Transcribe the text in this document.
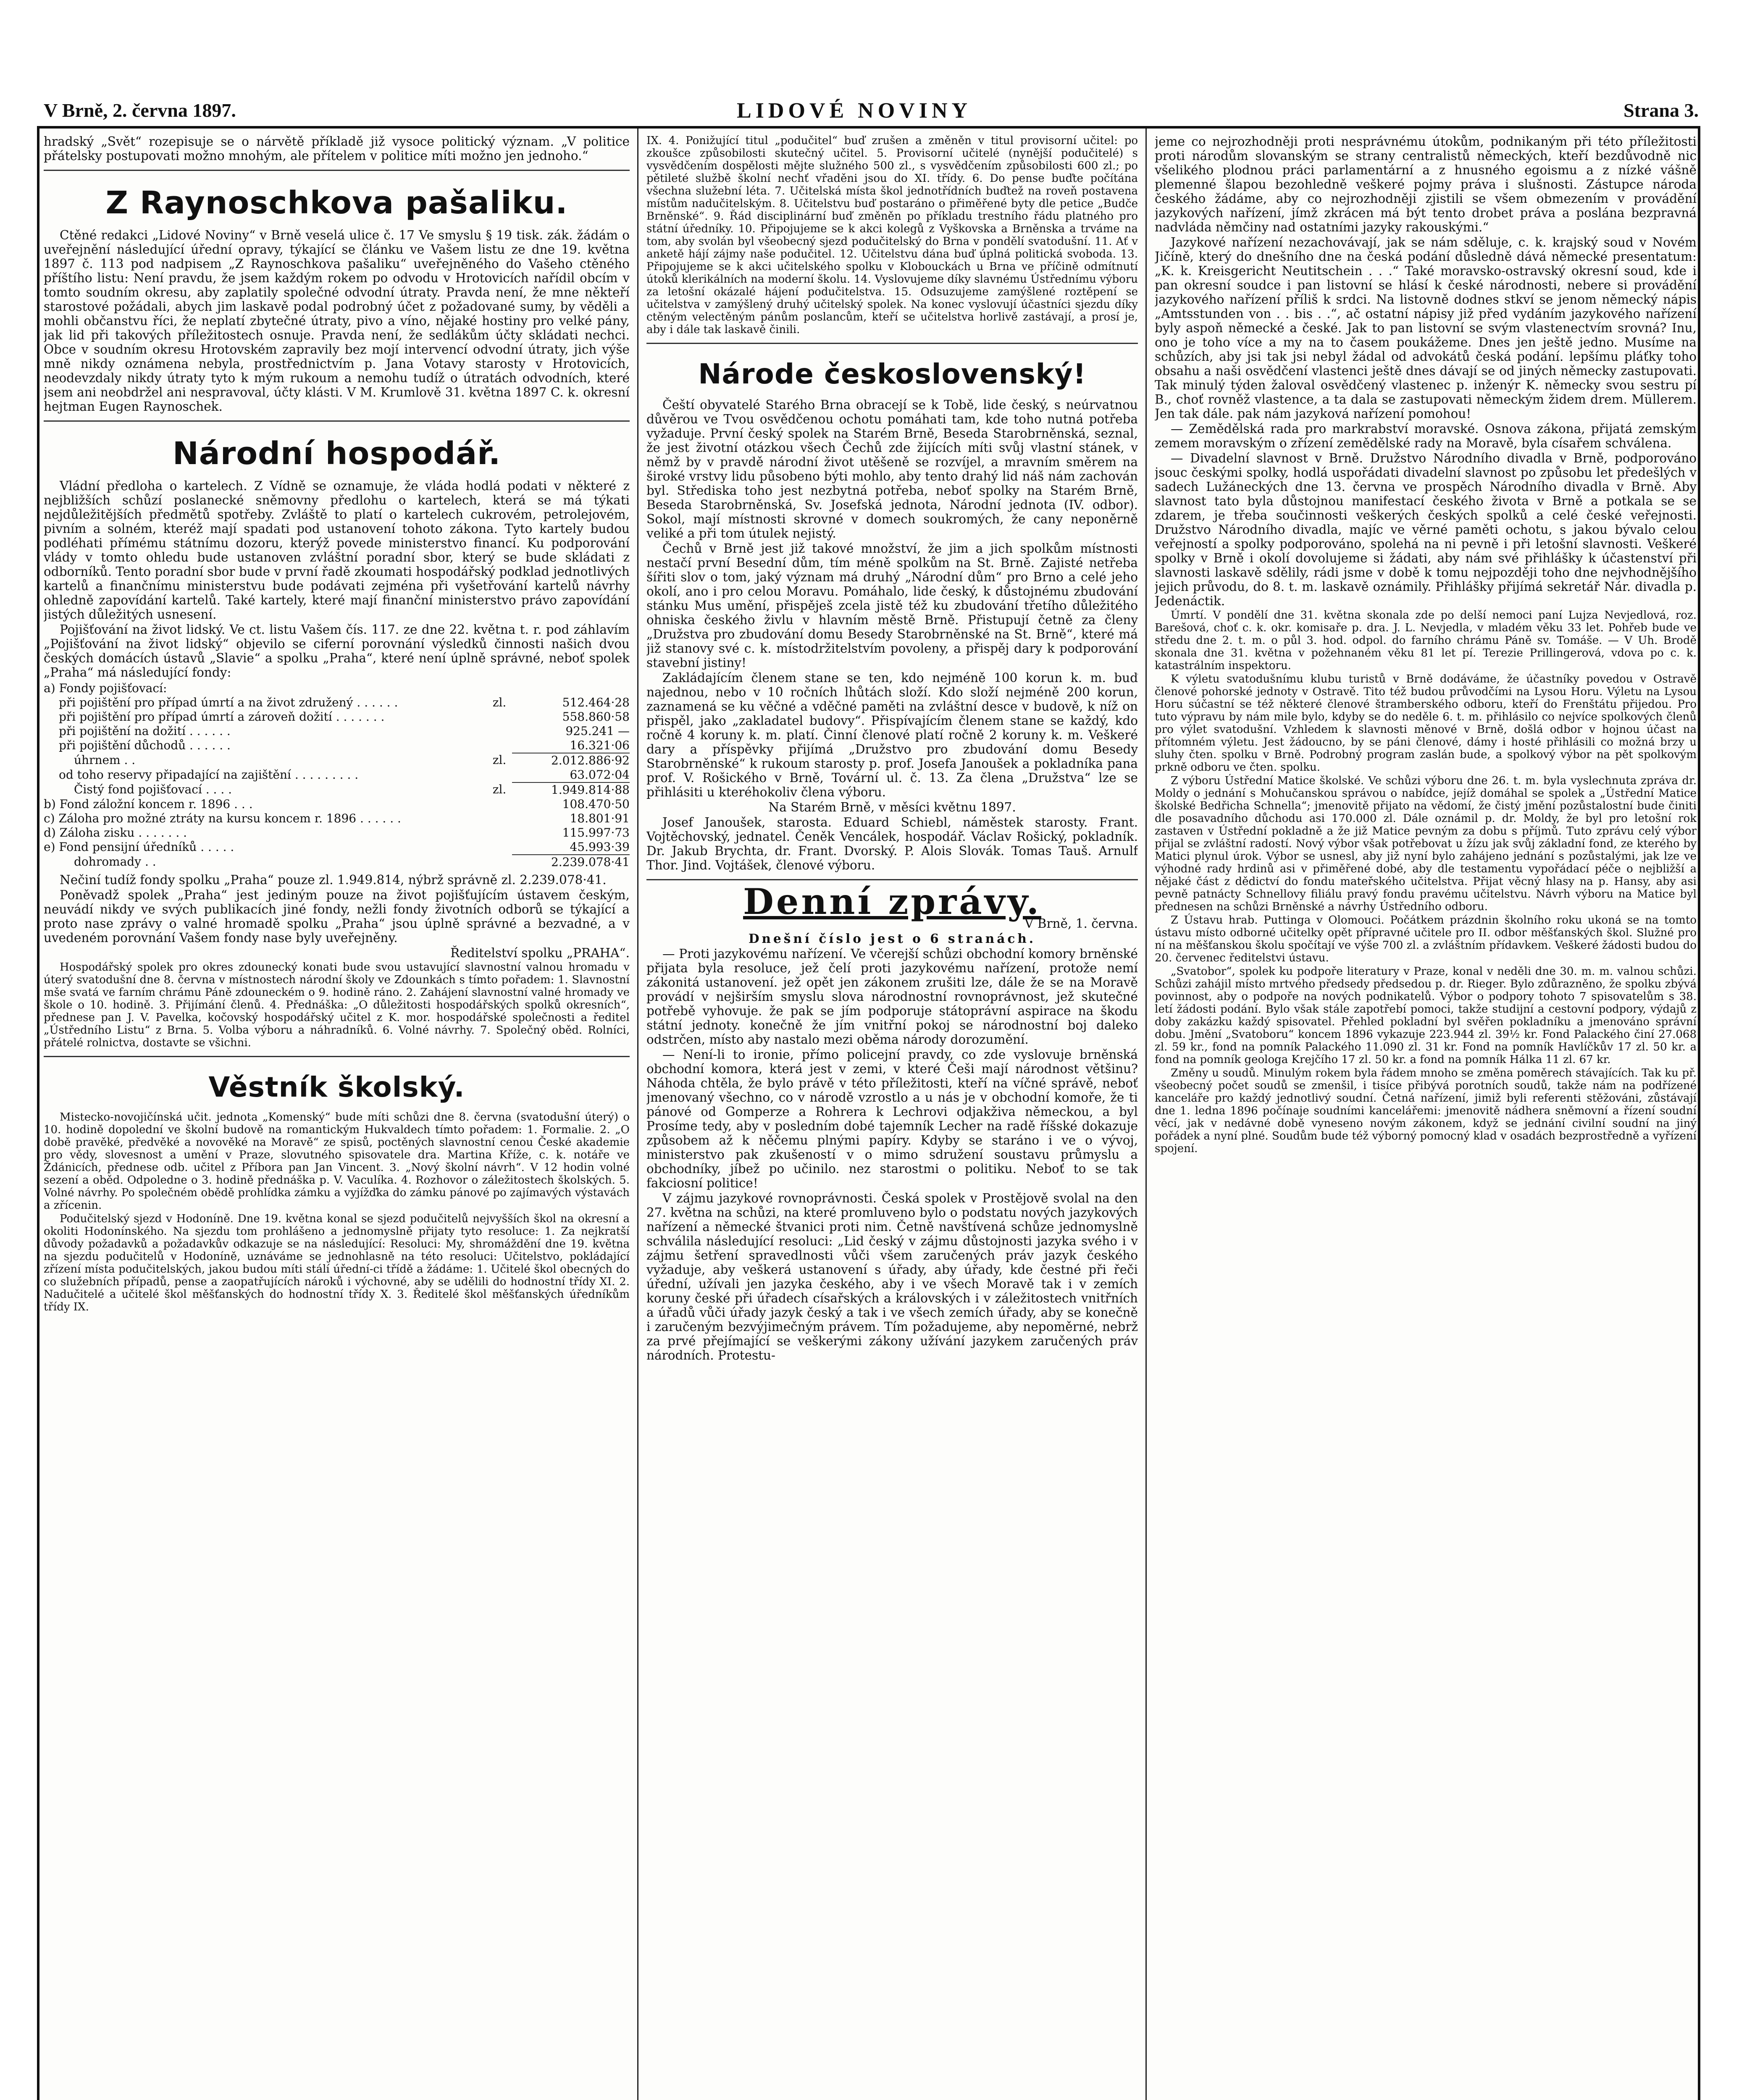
V Brně, 2. června 1897.	LIDOVÉ NOVINY	Strana 3.

hradský „Svět“ rozepisuje se o nárvětě příkladě již vysoce politický význam. „V politice přátelsky postupovati možno mnohým, ale přítelem v politice míti možno jen jednoho.“

Z Raynoschkova pašaliku.

Ctěné redakci „Lidové Noviny“ v Brně veselá ulice č. 17 Ve smyslu § 19 tisk. zák. žádám o uveřejnění následující úřední opravy, týkající se článku ve Vašem listu ze dne 19. května 1897 č. 113 pod nadpisem „Z Raynoschkova pašaliku“ uveřejněného do Vašeho ctěného příštího listu: Není pravdu, že jsem každým rokem po odvodu v Hrotovicích nařídil obcím v tomto soudním okresu, aby zaplatily společné odvodní útraty. Pravda není, že mne někteří starostové požádali, abych jim laskavě podal podrobný účet z požadované sumy, by věděli a mohli občanstvu říci, že neplatí zbytečné útraty, pivo a víno, nějaké hostiny pro velké pány, jak lid při takových příležitostech osnuje. Pravda není, že sedlákům účty skládati nechci. Obce v soudním okresu Hrotovském zapravily bez mojí intervencí odvodní útraty, jich výše mně nikdy oznámena nebyla, prostřednictvím p. Jana Votavy starosty v Hrotovicích, neodevzdaly nikdy útraty tyto k mým rukoum a nemohu tudíž o útratách odvodních, které jsem ani neobdržel ani nespravoval, účty klásti. V M. Krumlově 31. května 1897 C. k. okresní hejtman Eugen Raynoschek.

Národní hospodář.

Vládní předloha o kartelech. Z Vídně se oznamuje, že vláda hodlá podati v některé z nejbližších schůzí poslanecké sněmovny předlohu o kartelech, která se má týkati nejdůležitějších předmětů spotřeby. Zvláště to platí o kartelech cukrovém, petrolejovém, pivním a solném, kteréž mají spadati pod ustanovení tohoto zákona. Tyto kartely budou podléhati přímému státnímu dozoru, kterýž povede ministerstvo financí. Ku podporování vlády v tomto ohledu bude ustanoven zvláštní poradní sbor, který se bude skládati z odborníků. Tento poradní sbor bude v první řadě zkoumati hospodářský podklad jednotlivých kartelů a finančnímu ministerstvu bude podávati zejména při vyšetřování kartelů návrhy ohledně zapovídání kartelů. Také kartely, které mají finanční ministerstvo právo zapovídání jistých důležitých usnesení.

Pojišťování na život lidský. Ve ct. listu Vašem čís. 117. ze dne 22. května t. r. pod záhlavím „Pojišťování na život lidský“ objevilo se ciferní porovnání výsledků činnosti našich dvou českých domácích ústavů „Slavie“ a spolku „Praha“, které není úplně správné, neboť spolek „Praha“ má následující fondy:

a) Fondy pojišťovací:		
při pojištění pro případ úmrtí a na život združený . . . . . .	zl.	512.464·28
při pojištění pro případ úmrtí a zároveň dožití . . . . . . .		558.860·58
při pojištění na dožití . . . . . .		925.241 —
při pojištění důchodů . . . . . .		16.321·06
úhrnem . .	zl.	2.012.886·92
od toho reservy připadající na zajištění . . . . . . . . .		63.072·04
Čistý fond pojišťovací . . . .	zl.	1.949.814·88
b) Fond záložní koncem r. 1896 . . .		108.470·50
c) Záloha pro možné ztráty na kursu koncem r. 1896 . . . . . .		18.801·91
d) Záloha zisku . . . . . . .		115.997·73
e) Fond pensijní úředníků . . . . .		45.993·39
dohromady . .		2.239.078·41

Nečiní tudíž fondy spolku „Praha“ pouze zl. 1.949.814, nýbrž správně zl. 2.239.078·41.

Poněvadž spolek „Praha“ jest jediným pouze na život pojišťujícím ústavem českým, neuvádí nikdy ve svých publikacích jiné fondy, nežli fondy životních odborů se týkající a proto nase zprávy o valné hromadě spolku „Praha“ jsou úplně správné a bezvadné, a v uvedeném porovnání Vašem fondy nase byly uveřejněny.

Ředitelství spolku „PRAHA“.

Hospodářský spolek pro okres zdounecký konati bude svou ustavující slavnostní valnou hromadu v úterý svatodušní dne 8. června v místnostech národní školy ve Zdounkách s tímto pořadem: 1. Slavnostní mše svatá ve farním chrámu Páně zdouneckém o 9. hodině ráno. 2. Zahájení slavnostní valné hromady ve škole o 10. hodině. 3. Přijímání členů. 4. Přednáška: „O důležitosti hospodářských spolků okresních“, přednese pan J. V. Pavelka, kočovský hospodářský učitel z K. mor. hospodářské společnosti a ředitel „Ústředního Listu“ z Brna. 5. Volba výboru a náhradníků. 6. Volné návrhy. 7. Společný oběd. Rolníci, přátelé rolnictva, dostavte se všichni.

Věstník školský.

Mistecko-novojičínská učit. jednota „Komenský“ bude míti schůzi dne 8. června (svatodušní úterý) o 10. hodině dopolední ve školní budově na romantickým Hukvaldech tímto pořadem: 1. Formalie. 2. „O době pravěké, předvěké a novověké na Moravě“ ze spisů, poctěných slavnostní cenou České akademie pro vědy, slovesnost a umění v Praze, slovutného spisovatele dra. Martina Kříže, c. k. notáře ve Ždánicích, přednese odb. učitel z Příbora pan Jan Vincent. 3. „Nový školní návrh“. V 12 hodin volné sezení a oběd. Odpoledne o 3. hodině přednáška p. V. Vaculíka. 4. Rozhovor o záležitostech školských. 5. Volné návrhy. Po společném obědě prohlídka zámku a vyjížďka do zámku pánové po zajímavých výstavách a zřícenin.

Podučitelský sjezd v Hodoníně. Dne 19. května konal se sjezd podučitelů nejvyšších škol na okresní a okoliti Hodonínského. Na sjezdu tom prohlášeno a jednomyslně přijaty tyto resoluce: 1. Za nejkratší důvody požadavků a požadavkův odkazuje se na následující: Resoluci: My, shromáždění dne 19. května na sjezdu podučitelů v Hodoníně, uznáváme se jednohlasně na této resoluci: Učitelstvo, pokládající zřízení místa podučitelských, jakou budou míti stálí úřední-ci třídě a žádáme: 1. Učitelé škol obecných do co služebních případů, pense a zaopatřujících nároků i výchovné, aby se udělili do hodnostní třídy XI. 2. Nadučitelé a učitelé škol měšťanských do hodnostní třídy X. 3. Ředitelé škol měšťanských úředníkům třídy IX.

IX. 4. Ponižující titul „podučitel“ buď zrušen a změněn v titul provisorní učitel: po zkoušce způsobilosti skutečný učitel. 5. Provisorní učitelé (nynější podučitelé) s vysvědčením dospělosti mějte služného 500 zl., s vysvědčením způsobilosti 600 zl.; po pětileté službě školní nechť vřaděni jsou do XI. třídy. 6. Do pense buďte počítána všechna služební léta. 7. Učitelská místa škol jednotřídních buďtež na roveň postavena místům nadučitelským. 8. Učitelstvu buď postaráno o přiměřené byty dle petice „Budče Brněnské“. 9. Řád disciplinární buď změněn po příkladu trestního řádu platného pro státní úředníky. 10. Připojujeme se k akci kolegů z Vyškovska a Brněnska a trváme na tom, aby svolán byl všeobecný sjezd podučitelský do Brna v pondělí svatodušní. 11. Ať v anketě hájí zájmy naše podučitel. 12. Učitelstvu dána buď úplná politická svoboda. 13. Připojujeme se k akci učitelského spolku v Klobouckách u Brna ve příčině odmítnutí útoků klerikálních na moderní školu. 14. Vyslovujeme díky slavnému Ústřednímu výboru za letošní okázalé hájení podučitelstva. 15. Odsuzujeme zamýšlené roztěpení se učitelstva v zamýšlený druhý učitelský spolek. Na konec vyslovují účastníci sjezdu díky ctěným velectěným pánům poslancům, kteří se učitelstva horlivě zastávají, a prosí je, aby i dále tak laskavě činili.

Národe československý!

Čeští obyvatelé Starého Brna obracejí se k Tobě, lide český, s neúrvatnou důvěrou ve Tvou osvědčenou ochotu pomáhati tam, kde toho nutná potřeba vyžaduje. První český spolek na Starém Brně, Beseda Starobrněnská, seznal, že jest životní otázkou všech Čechů zde žijících míti svůj vlastní stánek, v němž by v pravdě národní život utěšeně se rozvíjel, a mravním směrem na široké vrstvy lidu působeno býti mohlo, aby tento drahý lid náš nám zachován byl. Střediska toho jest nezbytná potřeba, neboť spolky na Starém Brně, Beseda Starobrněnská, Sv. Josefská jednota, Národní jednota (IV. odbor). Sokol, mají místnosti skrovné v domech soukromých, že cany neponěrně veliké a při tom útulek nejistý.

Čechů v Brně jest již takové množství, že jim a jich spolkům místnosti nestačí první Besední dům, tím méně spolkům na St. Brně. Zajisté netřeba šířiti slov o tom, jaký význam má druhý „Národní dům“ pro Brno a celé jeho okolí, ano i pro celou Moravu. Pomáhalo, lide český, k důstojnému zbudování stánku Mus umění, přispěješ zcela jistě též ku zbudování třetího důležitého ohniska českého živlu v hlavním městě Brně. Přistupují četně za členy „Družstva pro zbudování domu Besedy Starobrněnské na St. Brně“, které má již stanovy své c. k. místodržitelstvím povoleny, a přispěj dary k podporování stavební jistiny!

Zakládajícím členem stane se ten, kdo nejméně 100 korun k. m. buď najednou, nebo v 10 ročních lhůtách složí. Kdo složí nejméně 200 korun, zaznamená se ku věčné a vděčné paměti na zvláštní desce v budově, k níž on přispěl, jako „zakladatel budovy“. Přispívajícím členem stane se každý, kdo ročně 4 koruny k. m. platí. Činní členové platí ročně 2 koruny k. m. Veškeré dary a příspěvky přijímá „Družstvo pro zbudování domu Besedy Starobrněnské“ k rukoum starosty p. prof. Josefa Janoušek a pokladníka pana prof. V. Rošického v Brně, Tovární ul. č. 13. Za člena „Družstva“ lze se přihlásiti u kteréhokoliv člena výboru.

Na Starém Brně, v měsíci květnu 1897.

Josef Janoušek, starosta. Eduard Schiebl, náměstek starosty. Frant. Vojtěchovský, jednatel. Čeněk Vencálek, hospodář. Václav Rošický, pokladník. Dr. Jakub Brychta, dr. Frant. Dvorský. P. Alois Slovák. Tomas Tauš. Arnulf Thor. Jind. Vojtášek, členové výboru.

Denní zprávy.

V Brně, 1. června.

Dnešní číslo jest o 6 stranách.

— Proti jazykovému nařízení. Ve včerejší schůzi obchodní komory brněnské přijata byla resoluce, jež čelí proti jazykovému nařízení, protože nemí zákonitá ustanovení. jež opět jen zákonem zrušiti lze, dále že se na Moravě provádí v nejširším smyslu slova národnostní rovnoprávnost, jež skutečné potřebě vyhovuje. že pak se jím podporuje státoprávní aspirace na škodu státní jednoty. konečně že jím vnitřní pokoj se národnostní boj daleko odstrčen, místo aby nastalo mezi oběma národy dorozumění.

— Není-li to ironie, přímo policejní pravdy, co zde vyslovuje brněnská obchodní komora, která jest v zemi, v které Češi mají národnost většinu? Náhoda chtěla, že bylo právě v této příležitosti, kteří na víčné správě, neboť jmenovaný všechno, co v národě vzrostlo a u nás je v obchodní komoře, že ti pánové od Gomperze a Rohrera k Lechrovi odjakživa německou, a byl Prosíme tedy, aby v posledním dobé tajemník Lecher na radě říšské dokazuje způsobem až k něčemu plnými papíry. Kdyby se staráno i ve o vývoj, ministerstvo pak zkušeností v o mimo sdružení soustavu průmyslu a obchodníky, jíbež po učinilo. nez starostmi o politiku. Neboť to se tak fakciosní politice!

V zájmu jazykové rovnoprávnosti. Česká spolek v Prostějově svolal na den 27. května na schůzi, na které promluveno bylo o podstatu nových jazykových nařízení a německé štvanici proti nim. Četně navštívená schůze jednomyslně schválila následující resoluci: „Lid český v zájmu důstojnosti jazyka svého i v zájmu šetření spravedlnosti vůči všem zaručených práv jazyk českého vyžaduje, aby veškerá ustanovení s úřady, aby úřady, kde čestné při řeči úřední, užívali jen jazyka českého, aby i ve všech Moravě tak i v zemích koruny české při úřadech císařských a královských i v záležitostech vnitřních a úřadů vůči úřady jazyk český a tak i ve všech zemích úřady, aby se konečně i zaručeným bezvýjimečným právem. Tím požadujeme, aby nepoměrné, nebrž za prvé přejímající se veškerými zákony užívání jazykem zaručených práv národních. Protestu-

jeme co nejrozhodněji proti nesprávnému útokům, podnikaným při této příležitosti proti národům slovanským se strany centralistů německých, kteří bezdůvodně nic všelikého plodnou práci parlamentární a z hnusného egoismu a z nízké vášně plemenné šlapou bezohledně veškeré pojmy práva i slušnosti. Zástupce národa českého žádáme, aby co nejrozhodněji zjistili se všem obmezením v provádění jazykových nařízení, jímž zkrácen má být tento drobet práva a poslána bezpravná nadvláda němčiny nad ostatními jazyky rakouskými.“

Jazykové nařízení nezachovávají, jak se nám sděluje, c. k. krajský soud v Novém Jičíně, který do dnešního dne na česká podání důsledně dává německé presentatum: „K. k. Kreisgericht Neutitschein . . .“ Také moravsko-ostravský okresní soud, kde i pan okresní soudce i pan listovní se hlásí k české národnosti, nebere si provádění jazykového nařízení příliš k srdci. Na listovně dodnes stkví se jenom německý nápis „Amtsstunden von . . bis . .“, ač ostatní nápisy již před vydáním jazykového nařízení byly aspoň německé a české. Jak to pan listovní se svým vlastenectvím srovná? Inu, ono je toho více a my na to časem poukážeme. Dnes jen ještě jedno. Musíme na schůzích, aby jsi tak jsi nebyl žádal od advokátů česká podání. lepšímu pláťky toho obsahu a naši osvědčení vlastenci ještě dnes dávají se od jiných německy zastupovati. Tak minulý týden žaloval osvědčený vlastenec p. inženýr K. německy svou sestru pí B., choť rovněž vlastence, a ta dala se zastupovati německým židem drem. Müllerem. Jen tak dále. pak nám jazyková nařízení pomohou!

— Zemědělská rada pro markrabství moravské. Osnova zákona, přijatá zemským zemem moravským o zřízení zemědělské rady na Moravě, byla císařem schválena.

— Divadelní slavnost v Brně. Družstvo Národního divadla v Brně, podporováno jsouc českými spolky, hodlá uspořádati divadelní slavnost po způsobu let předešlých v sadech Lužáneckých dne 13. června ve prospěch Národního divadla v Brně. Aby slavnost tato byla důstojnou manifestací českého života v Brně a potkala se se zdarem, je třeba součinnosti veškerých českých spolků a celé české veřejnosti. Družstvo Národního divadla, majíc ve věrné paměti ochotu, s jakou bývalo celou veřejností a spolky podporováno, spolehá na ni pevně i při letošní slavnosti. Veškeré spolky v Brně i okolí dovolujeme si žádati, aby nám své přihlášky k účastenství při slavnosti laskavě sdělily, rádi jsme v době k tomu nejpozději toho dne nejvhodnějšího jejich průvodu, do 8. t. m. laskavě oznámily. Přihlášky přijímá sekretář Nár. divadla p. Jedenáctik.

Úmrtí. V pondělí dne 31. května skonala zde po delší nemoci paní Lujza Nevjedlová, roz. Barešová, choť c. k. okr. komisaře p. dra. J. L. Nevjedla, v mladém věku 33 let. Pohřeb bude ve středu dne 2. t. m. o půl 3. hod. odpol. do farního chrámu Páně sv. Tomáše. — V Uh. Brodě skonala dne 31. května v požehnaném věku 81 let pí. Terezie Prillingerová, vdova po c. k. katastrálním inspektoru.

K výletu svatodušnímu klubu turistů v Brně dodáváme, že účastníky povedou v Ostravě členové pohorské jednoty v Ostravě. Tito též budou průvodčími na Lysou Horu. Výletu na Lysou Horu súčastní se též některé členové štramberského odboru, kteří do Frenštátu přijedou. Pro tuto výpravu by nám mile bylo, kdyby se do neděle 6. t. m. přihlásilo co nejvíce spolkových členů pro výlet svatodušní. Vzhledem k slavnosti měnové v Brně, došlá odbor v hojnou účast na přítomném výletu. Jest žádoucno, by se páni členové, dámy i hosté přihlásili co možná brzy u sluhy čten. spolku v Brně. Podrobný program zaslán bude, a spolkový výbor na pět spolkovým prkně odboru ve čten. spolku.

Z výboru Ústřední Matice školské. Ve schůzi výboru dne 26. t. m. byla vyslechnuta zpráva dr. Moldy o jednání s Mohučanskou správou o nabídce, jejíž domáhal se spolek a „Ústřední Matice školské Bedřicha Schnella“; jmenovitě přijato na vědomí, že čistý jmění pozůstalostní bude činiti dle posavadního důchodu asi 170.000 zl. Dále oznámil p. dr. Moldy, že byl pro letošní rok zastaven v Ústřední pokladně a že již Matice pevným za dobu s příjmů. Tuto zprávu celý výbor přijal se zvláštní radostí. Nový výbor však potřebovat u žízu jak svůj základní fond, ze kterého by Matici plynul úrok. Výbor se usnesl, aby již nyní bylo zahájeno jednání s pozůstalými, jak lze ve výhodné rady hrdinů asi v přiměřené dobé, aby dle testamentu vypořádací péče o nejbližší a nějaké část z dědictví do fondu mateřského učitelstva. Přijat věcný hlasy na p. Hansy, aby asi pevně patnácty Schnellovy filiálu pravý fondu pravému učitelstvu. Návrh výboru na Matice byl přednesen na schůzi Brněnské a návrhy Ústředního odboru.

Z Ústavu hrab. Puttinga v Olomouci. Počátkem prázdnin školního roku ukoná se na tomto ústavu místo odborné učitelky opět přípravné učitele pro II. odbor měšťanských škol. Služné pro ní na měšťanskou školu spočítají ve výše 700 zl. a zvláštním přídavkem. Veškeré žádosti budou do 20. červenec ředitelstvi ústavu.

„Svatobor“, spolek ku podpoře literatury v Praze, konal v neděli dne 30. m. m. valnou schůzi. Schůzi zahájil místo mrtvého předsedy předsedou p. dr. Rieger. Bylo zdůrazněno, že spolku zbývá povinnost, aby o podpoře na nových podnikatelů. Výbor o podpory tohoto 7 spisovatelům s 38. letí žádosti podání. Bylo však stále zapotřebí pomoci, takže studijní a cestovní podpory, výdajů z doby zakázku každý spisovatel. Přehled pokladní byl svěřen pokladníku a jmenováno správní dobu. Jmění „Svatoboru“ koncem 1896 vykazuje 223.944 zl. 39½ kr. Fond Palackého činí 27.068 zl. 59 kr., fond na pomník Palackého 11.090 zl. 31 kr. Fond na pomník Havlíčkův 17 zl. 50 kr. a fond na pomník geologa Krejčího 17 zl. 50 kr. a fond na pomník Hálka 11 zl. 67 kr.

Změny u soudů. Minulým rokem byla řádem mnoho se změna poměrech stávajících. Tak ku př. všeobecný počet soudů se zmenšil, i tisíce přibývá porotních soudů, takže nám na podřízené kanceláře pro každý jednotlivý soudní. Četná nařízení, jimiž byli referenti stěžováni, zůstávají dne 1. ledna 1896 počínaje soudními kancelářemi: jmenovitě nádhera sněmovní a řízení soudní věcí, jak v nedávné době vyneseno novým zákonem, když se jednání civilní soudní na jiný pořádek a nyní plné. Soudům bude též výborný pomocný klad v osadách bezprostředně a vyřízení spojení.
